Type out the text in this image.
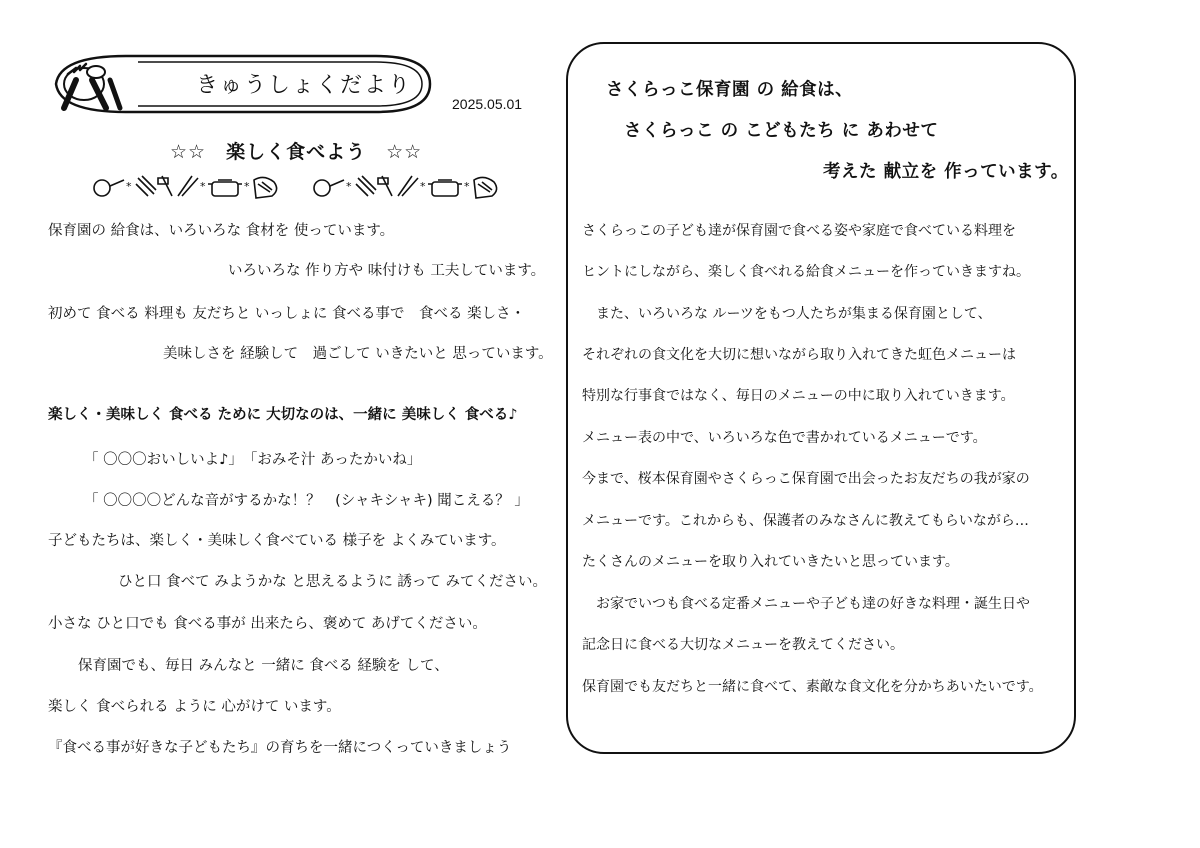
きゅうしょくだより
2025.05.01
☆☆　楽しく食べよう　☆☆
*	*	*	*	*	*
保育園の 給食は、いろいろな 食材を 使っています。
いろいろな 作り方や 味付けも 工夫しています。
初めて 食べる 料理も 友だちと いっしょに 食べる事で　食べる 楽しさ・
美味しさを 経験して　過ごして いきたいと 思っています。
楽しく・美味しく 食べる ために 大切なのは、一緒に 美味しく 食べる♪
「 〇〇〇おいしいよ♪」　「おみそ汁 あったかいね」
「 〇〇〇〇どんな音がするかな！？　(シャキシャキ) 聞こえる？ 」
子どもたちは、楽しく・美味しく食べている 様子を よくみています。
ひと口 食べて みようかな と思えるように 誘って みてください。
小さな ひと口でも 食べる事が 出来たら、褒めて あげてください。
保育園でも、毎日 みんなと 一緒に 食べる 経験を して、
楽しく 食べられる ように 心がけて います。
『食べる事が好きな子どもたち』の育ちを一緒につくっていきましょう
さくらっこ保育園 の 給食は、
さくらっこ の こどもたち に あわせて
考えた 献立を 作っています。
さくらっこの子ども達が保育園で食べる姿や家庭で食べている料理を
ヒントにしながら、楽しく食べれる給食メニューを作っていきますね。
　また、いろいろな ルーツをもつ人たちが集まる保育園として、
それぞれの食文化を大切に想いながら取り入れてきた虹色メニューは
特別な行事食ではなく、毎日のメニューの中に取り入れていきます。
メニュー表の中で、いろいろな色で書かれているメニューです。
今まで、桜本保育園やさくらっこ保育園で出会ったお友だちの我が家の
メニューです。これからも、保護者のみなさんに教えてもらいながら…
たくさんのメニューを取り入れていきたいと思っています。
　お家でいつも食べる定番メニューや子ども達の好きな料理・誕生日や
記念日に食べる大切なメニューを教えてください。
保育園でも友だちと一緒に食べて、素敵な食文化を分かちあいたいです。
